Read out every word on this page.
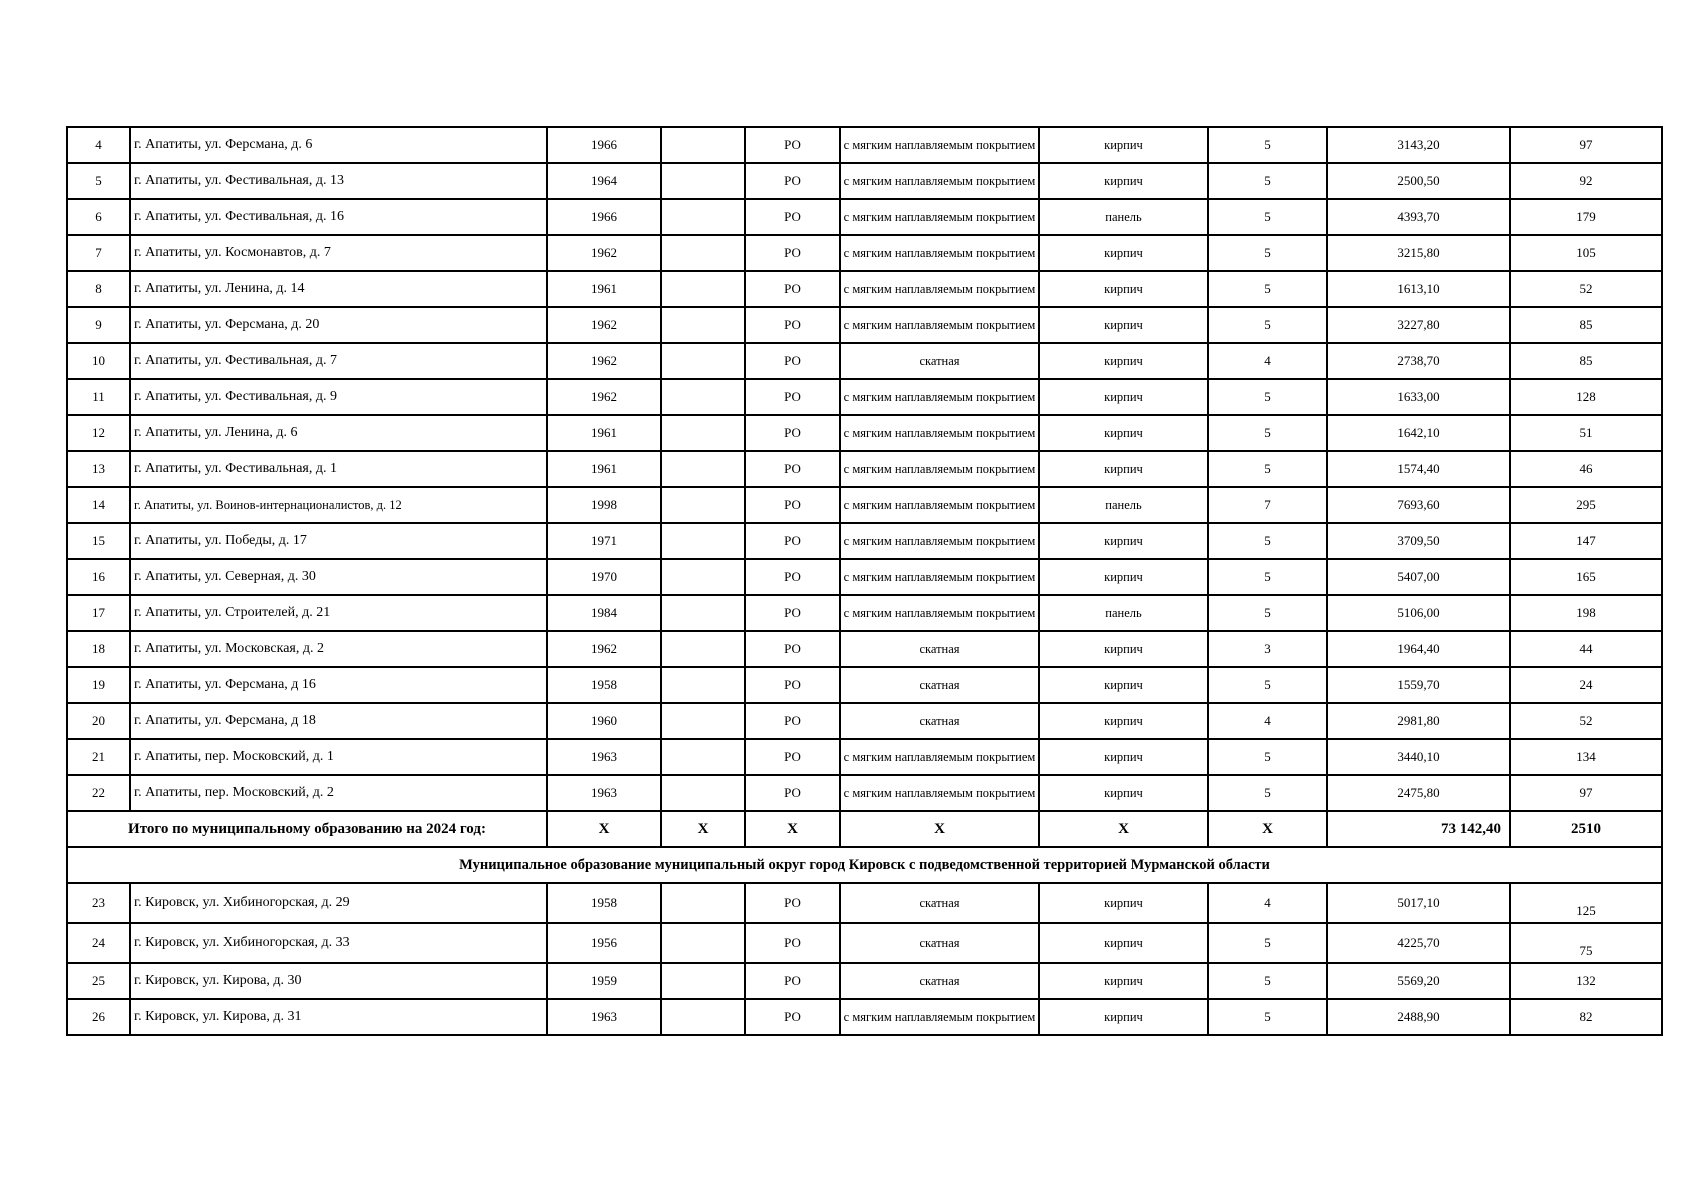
4	г. Апатиты, ул. Ферсмана, д. 6	1966		РО	с мягким наплавляемым покрытием	кирпич	5	3143,20	97
5	г. Апатиты, ул. Фестивальная, д. 13	1964		РО	с мягким наплавляемым покрытием	кирпич	5	2500,50	92
6	г. Апатиты, ул. Фестивальная, д. 16	1966		РО	с мягким наплавляемым покрытием	панель	5	4393,70	179
7	г. Апатиты, ул. Космонавтов, д. 7	1962		РО	с мягким наплавляемым покрытием	кирпич	5	3215,80	105
8	г. Апатиты, ул. Ленина, д. 14	1961		РО	с мягким наплавляемым покрытием	кирпич	5	1613,10	52
9	г. Апатиты, ул. Ферсмана, д. 20	1962		РО	с мягким наплавляемым покрытием	кирпич	5	3227,80	85
10	г. Апатиты, ул. Фестивальная, д. 7	1962		РО	скатная	кирпич	4	2738,70	85
11	г. Апатиты, ул. Фестивальная, д. 9	1962		РО	с мягким наплавляемым покрытием	кирпич	5	1633,00	128
12	г. Апатиты, ул. Ленина, д. 6	1961		РО	с мягким наплавляемым покрытием	кирпич	5	1642,10	51
13	г. Апатиты, ул. Фестивальная, д. 1	1961		РО	с мягким наплавляемым покрытием	кирпич	5	1574,40	46
14	г. Апатиты, ул. Воинов-интернационалистов, д. 12	1998		РО	с мягким наплавляемым покрытием	панель	7	7693,60	295
15	г. Апатиты, ул. Победы, д. 17	1971		РО	с мягким наплавляемым покрытием	кирпич	5	3709,50	147
16	г. Апатиты, ул. Северная, д. 30	1970		РО	с мягким наплавляемым покрытием	кирпич	5	5407,00	165
17	г. Апатиты, ул. Строителей, д. 21	1984		РО	с мягким наплавляемым покрытием	панель	5	5106,00	198
18	г. Апатиты, ул. Московская, д. 2	1962		РО	скатная	кирпич	3	1964,40	44
19	г. Апатиты, ул. Ферсмана, д 16	1958		РО	скатная	кирпич	5	1559,70	24
20	г. Апатиты, ул. Ферсмана, д 18	1960		РО	скатная	кирпич	4	2981,80	52
21	г. Апатиты, пер. Московский, д. 1	1963		РО	с мягким наплавляемым покрытием	кирпич	5	3440,10	134
22	г. Апатиты, пер. Московский, д. 2	1963		РО	с мягким наплавляемым покрытием	кирпич	5	2475,80	97
Итого по муниципальному образованию на 2024 год:		X	X	X	X	X	X	73 142,40	2510
Муниципальное образование муниципальный округ город Кировск с подведомственной территорией Мурманской области									
23	г. Кировск, ул. Хибиногорская, д. 29	1958		РО	скатная	кирпич	4	5017,10	125
24	г. Кировск, ул. Хибиногорская, д. 33	1956		РО	скатная	кирпич	5	4225,70	75
25	г. Кировск, ул. Кирова, д. 30	1959		РО	скатная	кирпич	5	5569,20	132
26	г. Кировск, ул. Кирова, д. 31	1963		РО	с мягким наплавляемым покрытием	кирпич	5	2488,90	82
